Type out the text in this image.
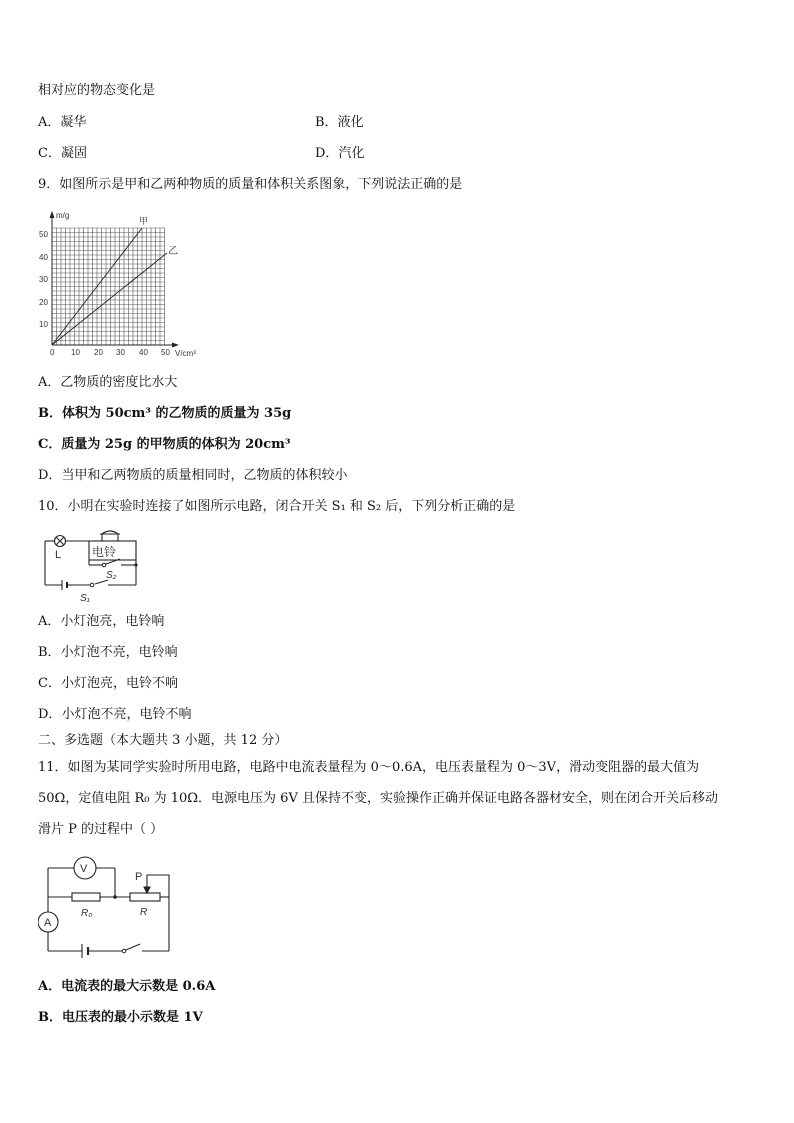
相对应的物态变化是
A．凝华	B．液化
C．凝固	D．汽化
9．如图所示是甲和乙两种物质的质量和体积关系图象，下列说法正确的是
m/g
V/cm³
50
40
30
20
10
0 10 20 30 40 50
甲
乙
A．乙物质的密度比水大
B．体积为 50cm³ 的乙物质的质量为 35g
C．质量为 25g 的甲物质的体积为 20cm³
D．当甲和乙两物质的质量相同时，乙物质的体积较小
10．小明在实验时连接了如图所示电路，闭合开关 S₁ 和 S₂ 后，下列分析正确的是
L	电铃
S₂
S₁
A．小灯泡亮，电铃响
B．小灯泡不亮，电铃响
C．小灯泡亮，电铃不响
D．小灯泡不亮，电铃不响
二、多选题（本大题共 3 小题，共 12 分）
11．如图为某同学实验时所用电路，电路中电流表量程为 0～0.6A，电压表量程为 0～3V，滑动变阻器的最大值为
50Ω，定值电阻 R₀ 为 10Ω．电源电压为 6V 且保持不变，实验操作正确并保证电路各器材安全，则在闭合开关后移动
滑片 P 的过程中（ ）
V
A
P
R₀	R
A．电流表的最大示数是 0.6A
B．电压表的最小示数是 1V
